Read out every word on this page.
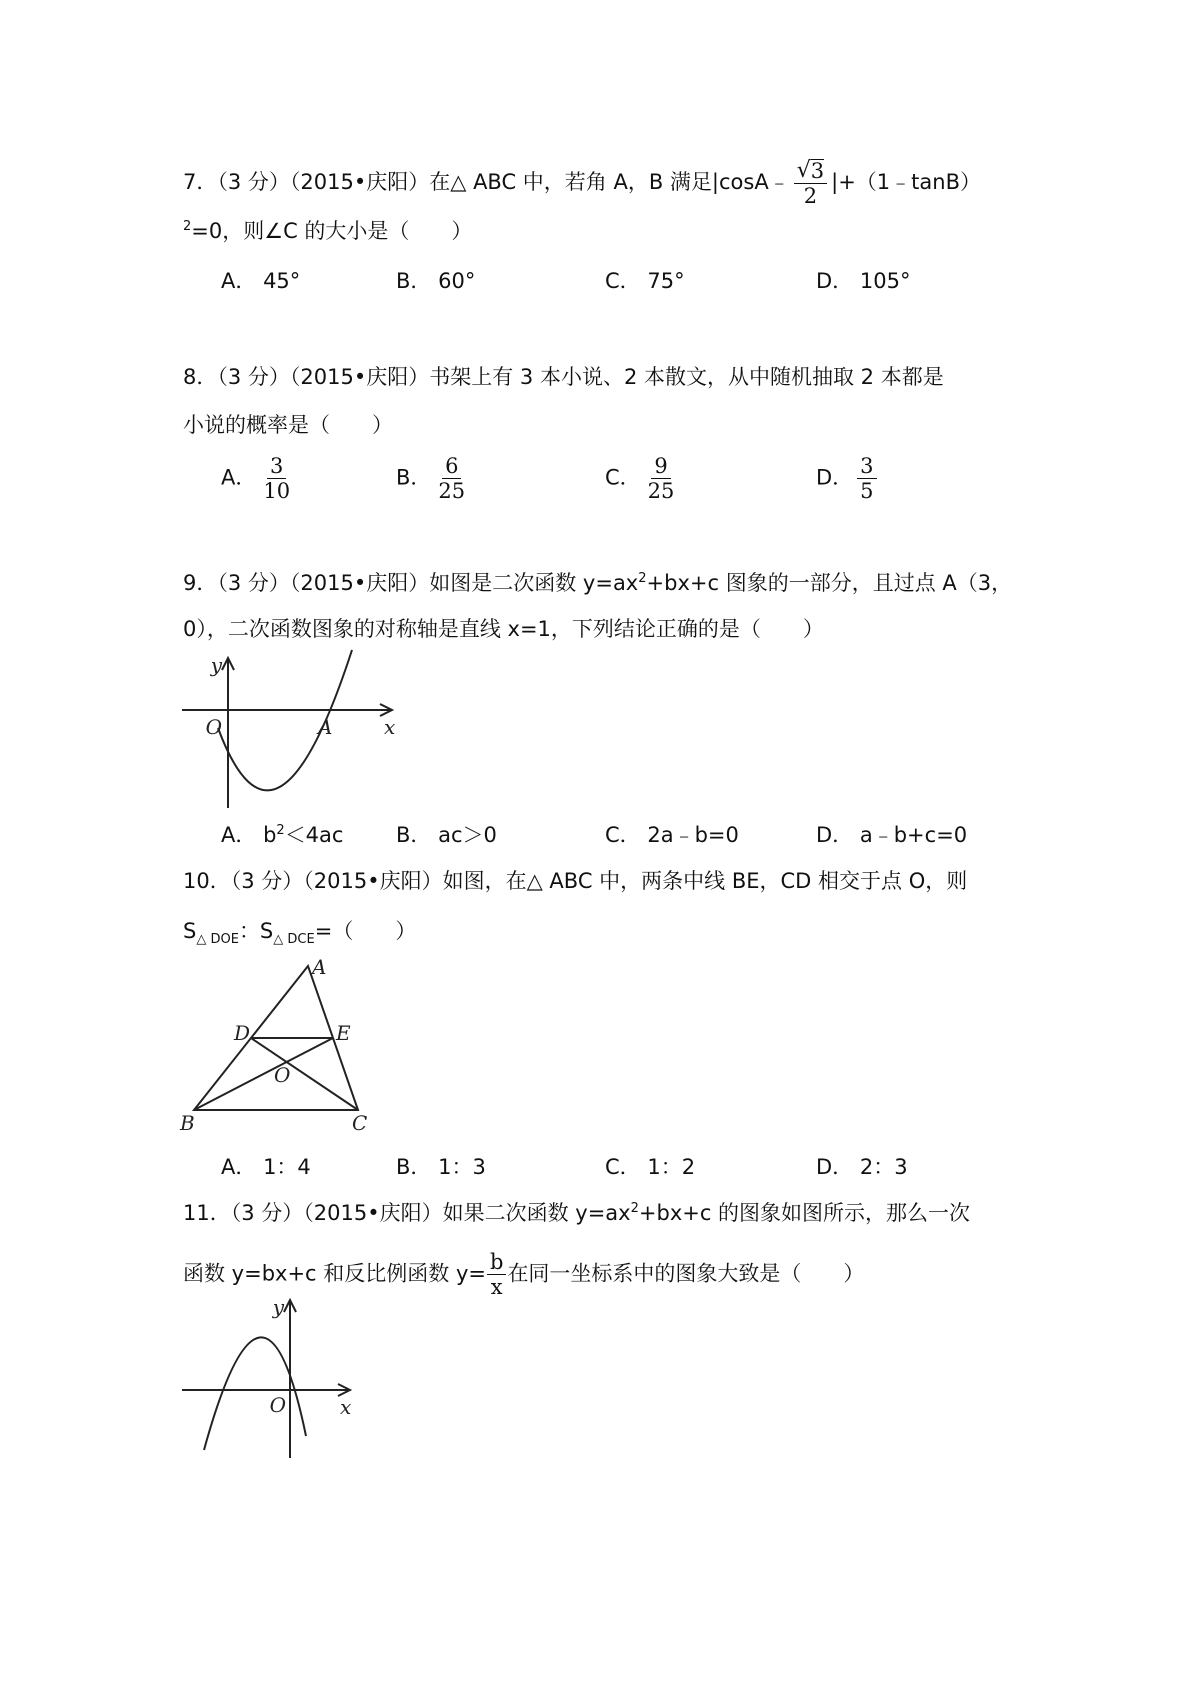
7．（3 分）（2015•庆阳）在△ ABC 中，若角 A，B 满足|cosA﹣ $\frac{√ 3}{2}$ |+（1﹣tanB）
$^2$=0，则∠C 的大小是（　　）
A． 45°	B． 60°	C． 75°	D． 105°
8．（3 分）（2015•庆阳）书架上有 3 本小说、2 本散文，从中随机抽取 2 本都是
小说的概率是（　　）
A． $\frac{3}{10}$	B． $\frac{6}{25}$	C． $\frac{9}{25}$	D． $\frac{3}{5}$
9．（3 分）（2015•庆阳）如图是二次函数 $y=ax^2+bx+c$ 图象的一部分，且过点 A（3，
0），二次函数图象的对称轴是直线 x=1，下列结论正确的是（　　）
y
x
O	A
A． $b^2<4ac$	B． ac＞0	C． 2a﹣b=0	D． a﹣b+c=0
10．（3 分）（2015•庆阳）如图，在△ ABC 中，两条中线 BE，CD 相交于点 O，则
$S_{\triangle DOE}$：$S_{\triangle DCE}=$（　　）
A
B	C
D	E
O
A． 1：4	B． 1：3	C． 1：2	D． 2：3
11．（3 分）（2015•庆阳）如果二次函数 $y=ax^2+bx+c$ 的图象如图所示，那么一次
函数 y=bx+c 和反比例函数 $y= \frac{b}{x}$ 在同一坐标系中的图象大致是（　　）
y
x
O
